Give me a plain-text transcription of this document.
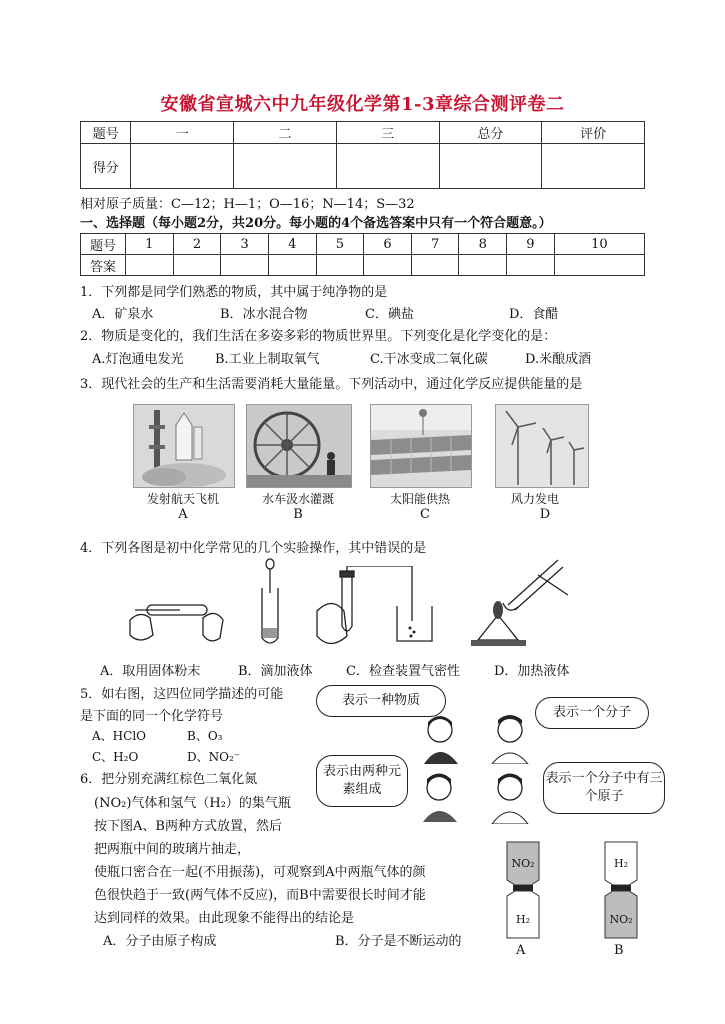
安徽省宣城六中九年级化学第1-3章综合测评卷二
题号	一	二	三	总分	评价
得分					
相对原子质量：C—12；H—1；O—16；N—14；S—32
一、选择题（每小题2分，共20分。每小题的4个备选答案中只有一个符合题意。）
题号	1	2	3	4	5	6	7	8	9	10
答案										
1．下列都是同学们熟悉的物质，其中属于纯净物的是
A．矿泉水	B．冰水混合物	C．碘盐	D．食醋
2．物质是变化的，我们生活在多姿多彩的物质世界里。下列变化是化学变化的是：
A.灯泡通电发光 B.工业上制取氧气	C.干冰变成二氧化碳	D.米酿成酒
3．现代社会的生产和生活需要消耗大量能量。下列活动中，通过化学反应提供能量的是
发射航天飞机
A
水车汲水灌溉
B
太阳能供热
C
风力发电
D
4．下列各图是初中化学常见的几个实验操作，其中错误的是
A．取用固体粉末	B．滴加液体	C．检查装置气密性	D．加热液体
5．如右图，这四位同学描述的可能
是下面的同一个化学符号
A、HClO	B、O₃
C、H₂O	D、NO₂⁻
表示一种物质
表示一个分子
表示由两种元素组成
表示一个分子中有三个原子
6．把分别充满红棕色二氧化氮
(NO₂)气体和氢气（H₂）的集气瓶
按下图A、B两种方式放置，然后
把两瓶中间的玻璃片抽走，
使瓶口密合在一起(不用振荡)，可观察到A中两瓶气体的颜
色很快趋于一致(两气体不反应)，而B中需要很长时间才能
达到同样的效果。由此现象不能得出的结论是
A．分子由原子构成	B．分子是不断运动的
NO₂
H₂
A
H₂
NO₂
B
